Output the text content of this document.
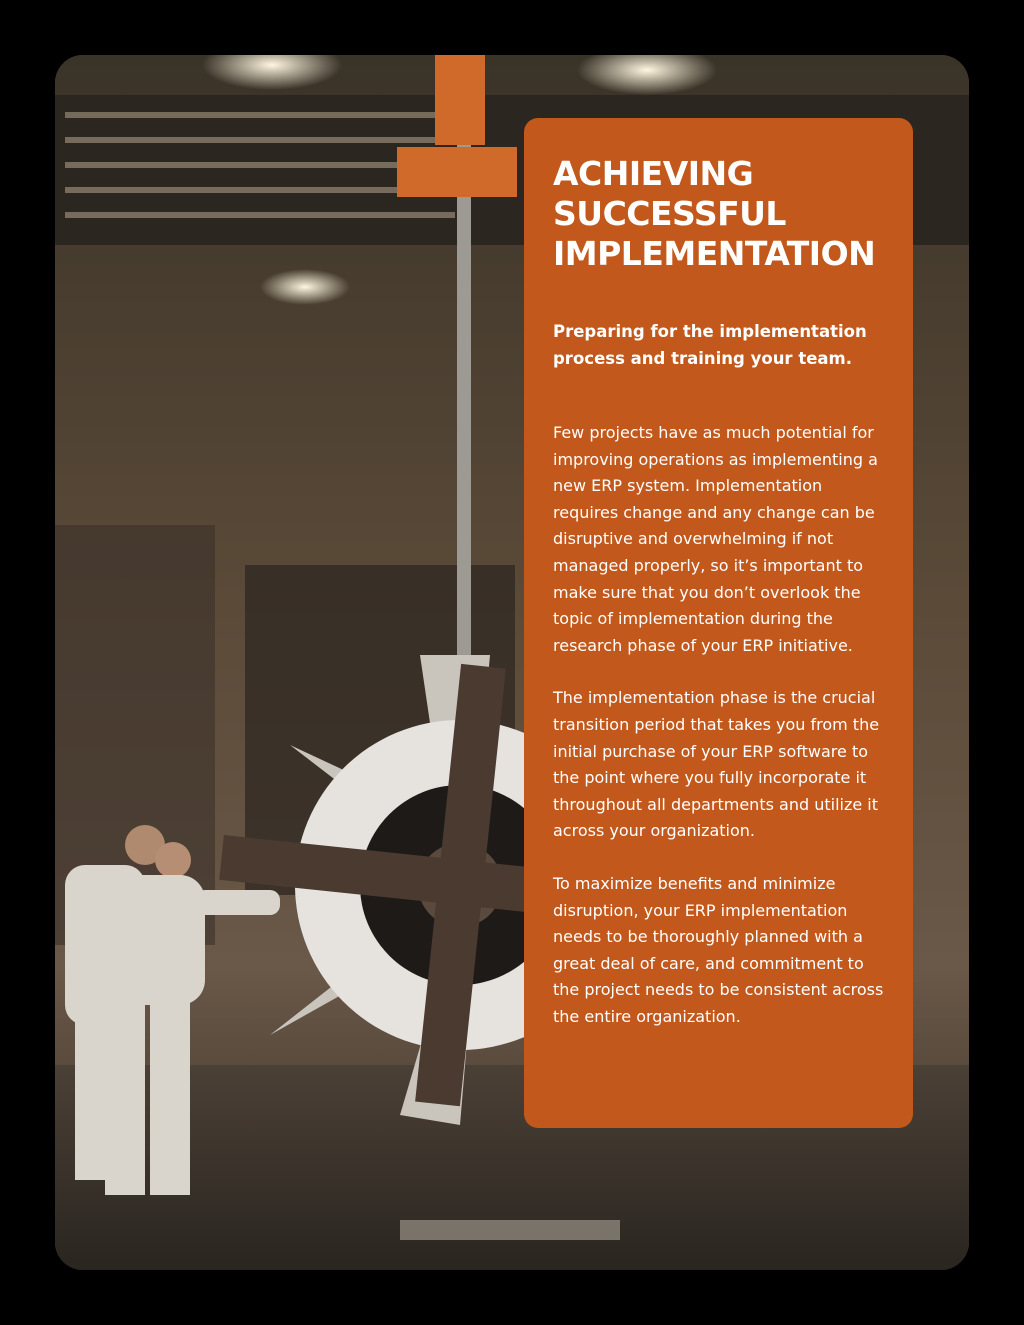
ACHIEVING
SUCCESSFUL
IMPLEMENTATION

Preparing for the implementation process and training your team.

Few projects have as much potential for improving operations as implementing a new ERP system. Implementation requires change and any change can be disruptive and overwhelming if not managed properly, so it’s important to make sure that you don’t overlook the topic of implementation during the research phase of your ERP initiative.

The implementation phase is the crucial transition period that takes you from the initial purchase of your ERP software to the point where you fully incorporate it throughout all departments and utilize it across your organization.

To maximize benefits and minimize disruption, your ERP implementation needs to be thoroughly planned with a great deal of care, and commitment to the project needs to be consistent across the entire organization.
